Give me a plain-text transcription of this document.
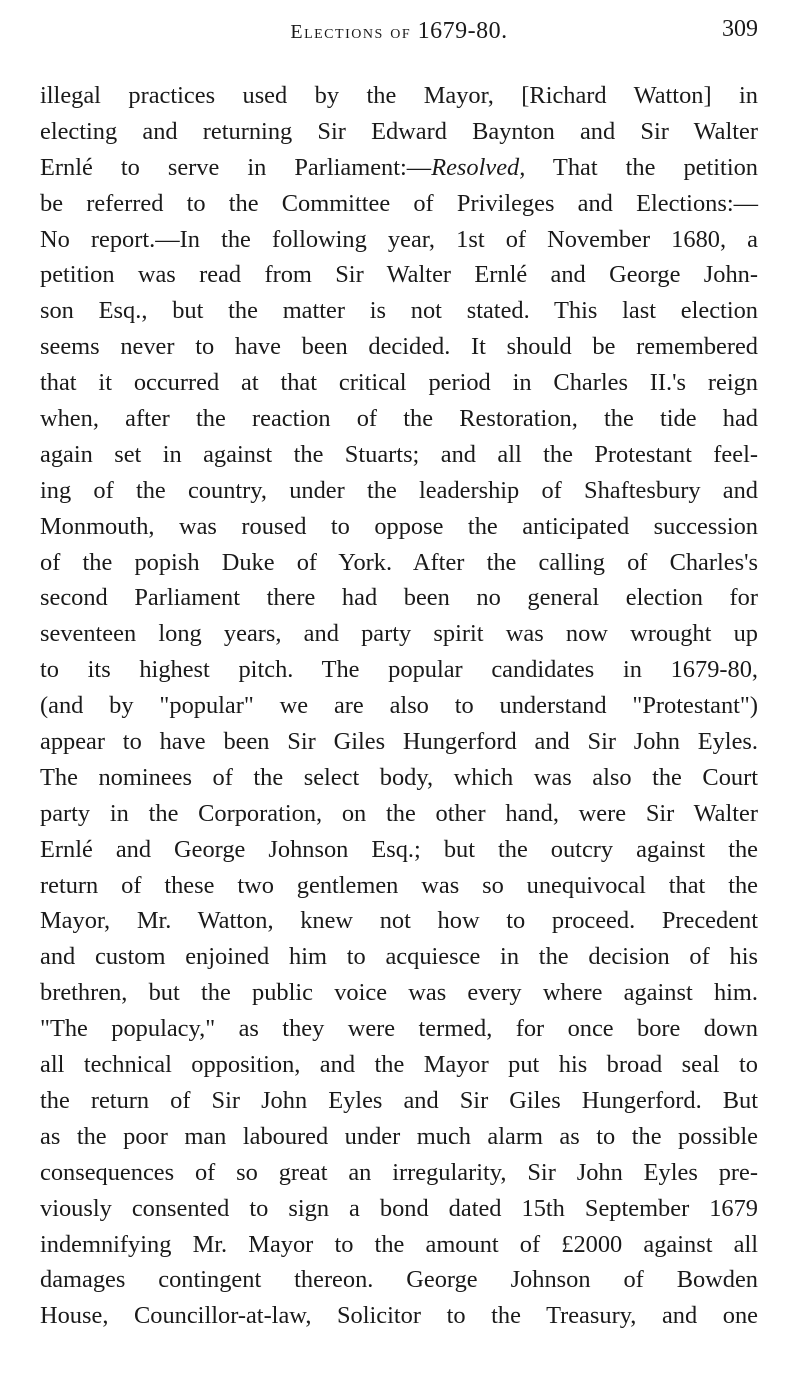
Elections of 1679-80.	309
illegal practices used by the Mayor, [Richard Watton] in
electing and returning Sir Edward Baynton and Sir Walter
Ernlé to serve in Parliament:—Resolved, That the petition
be referred to the Committee of Privileges and Elections:—
No report.—In the following year, 1st of November 1680, a
petition was read from Sir Walter Ernlé and George John-
son Esq., but the matter is not stated. This last election
seems never to have been decided. It should be remembered
that it occurred at that critical period in Charles II.'s reign
when, after the reaction of the Restoration, the tide had
again set in against the Stuarts; and all the Protestant feel-
ing of the country, under the leadership of Shaftesbury and
Monmouth, was roused to oppose the anticipated succession
of the popish Duke of York. After the calling of Charles's
second Parliament there had been no general election for
seventeen long years, and party spirit was now wrought up
to its highest pitch. The popular candidates in 1679-80,
(and by "popular" we are also to understand "Protestant")
appear to have been Sir Giles Hungerford and Sir John Eyles.
The nominees of the select body, which was also the Court
party in the Corporation, on the other hand, were Sir Walter
Ernlé and George Johnson Esq.; but the outcry against the
return of these two gentlemen was so unequivocal that the
Mayor, Mr. Watton, knew not how to proceed. Precedent
and custom enjoined him to acquiesce in the decision of his
brethren, but the public voice was every where against him.
"The populacy," as they were termed, for once bore down
all technical opposition, and the Mayor put his broad seal to
the return of Sir John Eyles and Sir Giles Hungerford. But
as the poor man laboured under much alarm as to the possible
consequences of so great an irregularity, Sir John Eyles pre-
viously consented to sign a bond dated 15th September 1679
indemnifying Mr. Mayor to the amount of £2000 against all
damages contingent thereon. George Johnson of Bowden
House, Councillor-at-law, Solicitor to the Treasury, and one
